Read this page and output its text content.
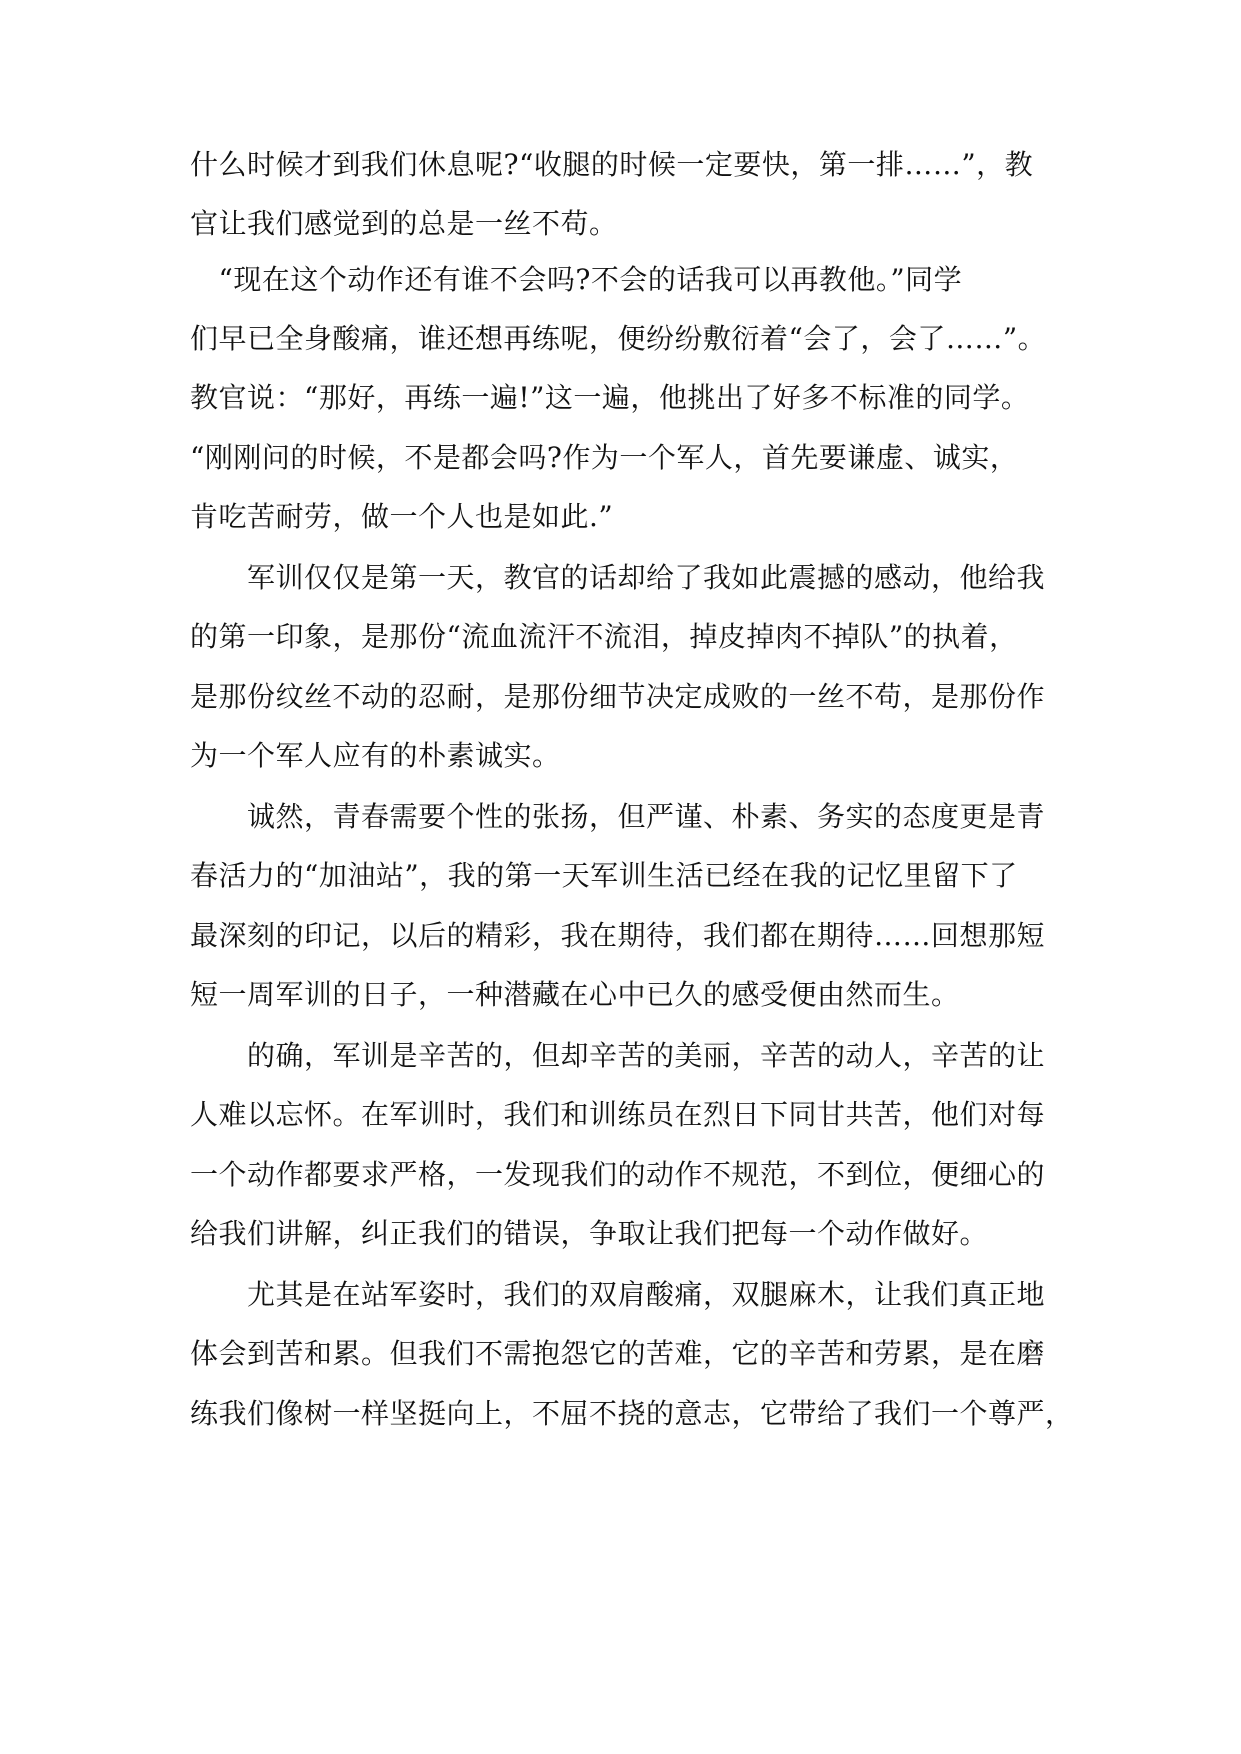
什么时候才到我们休息呢?“收腿的时候一定要快，第一排……”，教
官让我们感觉到的总是一丝不苟。
　“现在这个动作还有谁不会吗?不会的话我可以再教他。”同学
们早已全身酸痛，谁还想再练呢，便纷纷敷衍着“会了，会了……”。
教官说：“那好，再练一遍!”这一遍，他挑出了好多不标准的同学。
“刚刚问的时候，不是都会吗?作为一个军人，首先要谦虚、诚实，
肯吃苦耐劳，做一个人也是如此.”
　　军训仅仅是第一天，教官的话却给了我如此震撼的感动，他给我
的第一印象，是那份“流血流汗不流泪，掉皮掉肉不掉队”的执着，
是那份纹丝不动的忍耐，是那份细节决定成败的一丝不苟，是那份作
为一个军人应有的朴素诚实。
　　诚然，青春需要个性的张扬，但严谨、朴素、务实的态度更是青
春活力的“加油站”，我的第一天军训生活已经在我的记忆里留下了
最深刻的印记，以后的精彩，我在期待，我们都在期待……回想那短
短一周军训的日子，一种潜藏在心中已久的感受便由然而生。
　　的确，军训是辛苦的，但却辛苦的美丽，辛苦的动人，辛苦的让
人难以忘怀。在军训时，我们和训练员在烈日下同甘共苦，他们对每
一个动作都要求严格，一发现我们的动作不规范，不到位，便细心的
给我们讲解，纠正我们的错误，争取让我们把每一个动作做好。
　　尤其是在站军姿时，我们的双肩酸痛，双腿麻木，让我们真正地
体会到苦和累。但我们不需抱怨它的苦难，它的辛苦和劳累，是在磨
练我们像树一样坚挺向上，不屈不挠的意志，它带给了我们一个尊严，
